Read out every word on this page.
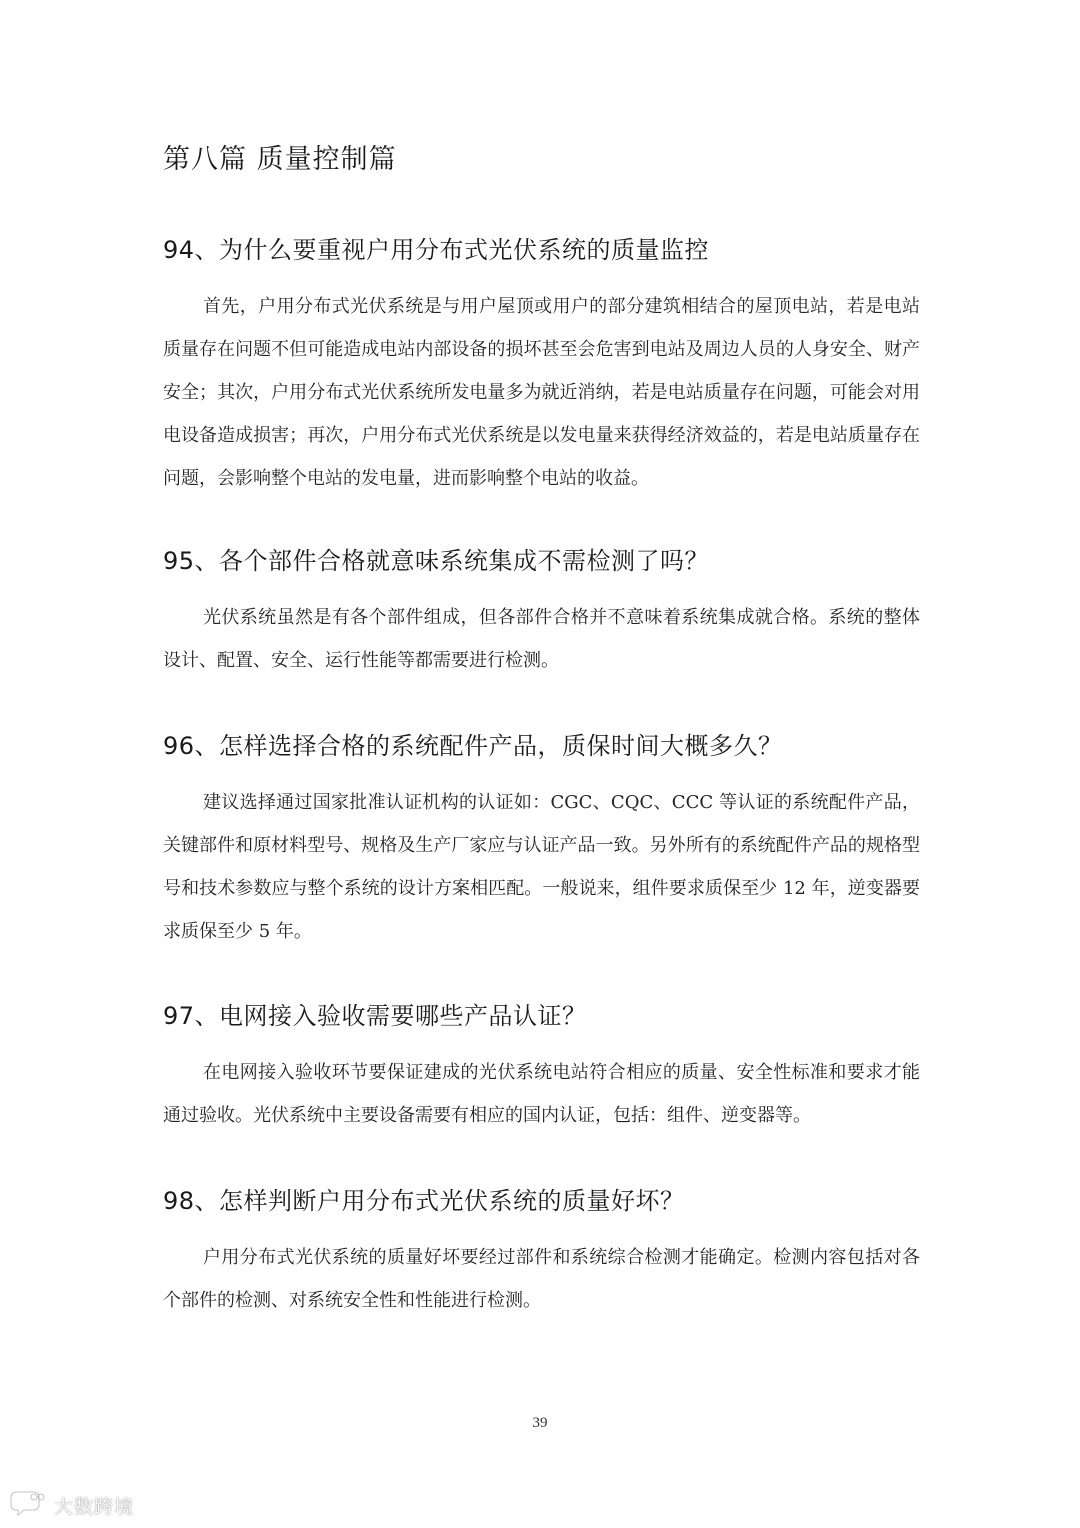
第八篇 质量控制篇
94、为什么要重视户用分布式光伏系统的质量监控

首先，户用分布式光伏系统是与用户屋顶或用户的部分建筑相结合的屋顶电站，若是电站质量存在问题不但可能造成电站内部设备的损坏甚至会危害到电站及周边人员的人身安全、财产安全；其次，户用分布式光伏系统所发电量多为就近消纳，若是电站质量存在问题，可能会对用电设备造成损害；再次，户用分布式光伏系统是以发电量来获得经济效益的，若是电站质量存在问题，会影响整个电站的发电量，进而影响整个电站的收益。

95、各个部件合格就意味系统集成不需检测了吗？

光伏系统虽然是有各个部件组成，但各部件合格并不意味着系统集成就合格。系统的整体设计、配置、安全、运行性能等都需要进行检测。

96、怎样选择合格的系统配件产品，质保时间大概多久？

建议选择通过国家批准认证机构的认证如：CGC、CQC、CCC 等认证的系统配件产品，关键部件和原材料型号、规格及生产厂家应与认证产品一致。另外所有的系统配件产品的规格型号和技术参数应与整个系统的设计方案相匹配。一般说来，组件要求质保至少 12 年，逆变器要求质保至少 5 年。

97、电网接入验收需要哪些产品认证？

在电网接入验收环节要保证建成的光伏系统电站符合相应的质量、安全性标准和要求才能通过验收。光伏系统中主要设备需要有相应的国内认证，包括：组件、逆变器等。

98、怎样判断户用分布式光伏系统的质量好坏？

户用分布式光伏系统的质量好坏要经过部件和系统综合检测才能确定。检测内容包括对各个部件的检测、对系统安全性和性能进行检测。

39
大数跨境
